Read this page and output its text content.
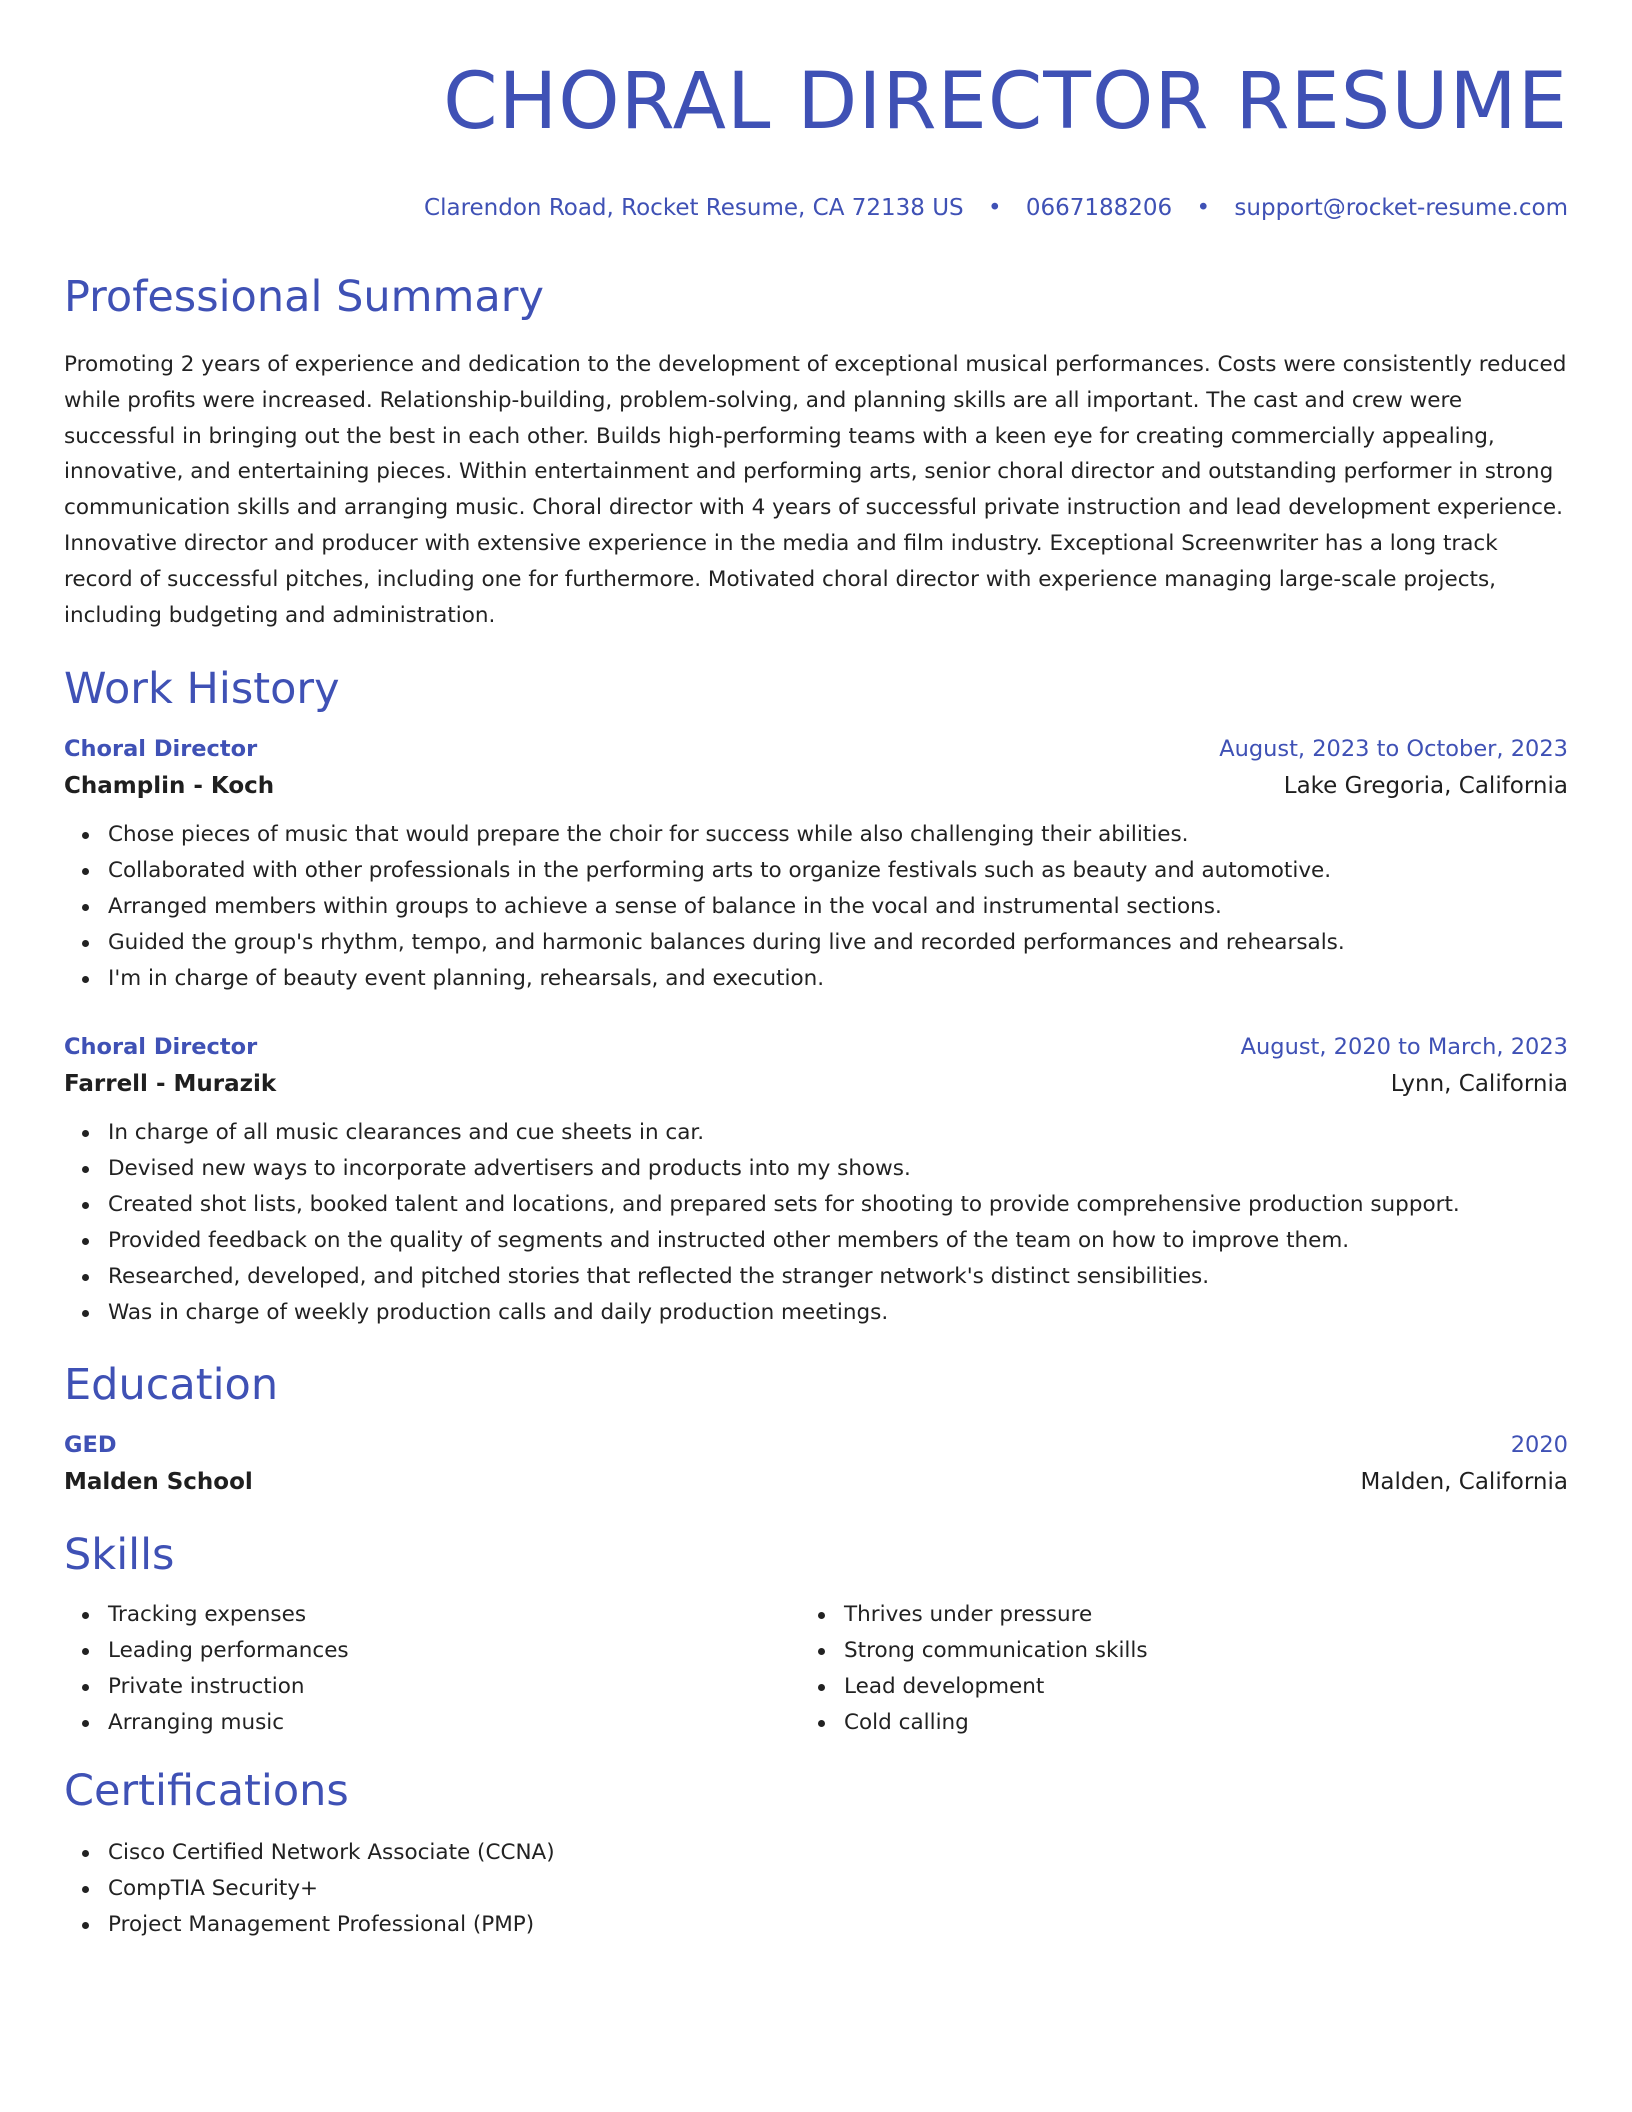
CHORAL DIRECTOR RESUME
Clarendon Road, Rocket Resume, CA 72138 US • 0667188206 • support@rocket-resume.com
Professional Summary

Promoting 2 years of experience and dedication to the development of exceptional musical performances. Costs were consistently reduced while profits were increased. Relationship-building, problem-solving, and planning skills are all important. The cast and crew were successful in bringing out the best in each other. Builds high-performing teams with a keen eye for creating commercially appealing, innovative, and entertaining pieces. Within entertainment and performing arts, senior choral director and outstanding performer in strong communication skills and arranging music. Choral director with 4 years of successful private instruction and lead development experience. Innovative director and producer with extensive experience in the media and film industry. Exceptional Screenwriter has a long track record of successful pitches, including one for furthermore. Motivated choral director with experience managing large-scale projects, including budgeting and administration.

Work History
Choral Director	August, 2023 to October, 2023
Champlin - Koch	Lake Gregoria, California
Chose pieces of music that would prepare the choir for success while also challenging their abilities.
Collaborated with other professionals in the performing arts to organize festivals such as beauty and automotive.
Arranged members within groups to achieve a sense of balance in the vocal and instrumental sections.
Guided the group's rhythm, tempo, and harmonic balances during live and recorded performances and rehearsals.
I'm in charge of beauty event planning, rehearsals, and execution.
Choral Director	August, 2020 to March, 2023
Farrell - Murazik	Lynn, California
In charge of all music clearances and cue sheets in car.
Devised new ways to incorporate advertisers and products into my shows.
Created shot lists, booked talent and locations, and prepared sets for shooting to provide comprehensive production support.
Provided feedback on the quality of segments and instructed other members of the team on how to improve them.
Researched, developed, and pitched stories that reflected the stranger network's distinct sensibilities.
Was in charge of weekly production calls and daily production meetings.
Education
GED	2020
Malden School	Malden, California
Skills
Tracking expenses
Leading performances
Private instruction
Arranging music
Thrives under pressure
Strong communication skills
Lead development
Cold calling
Certifications
Cisco Certified Network Associate (CCNA)
CompTIA Security+
Project Management Professional (PMP)
